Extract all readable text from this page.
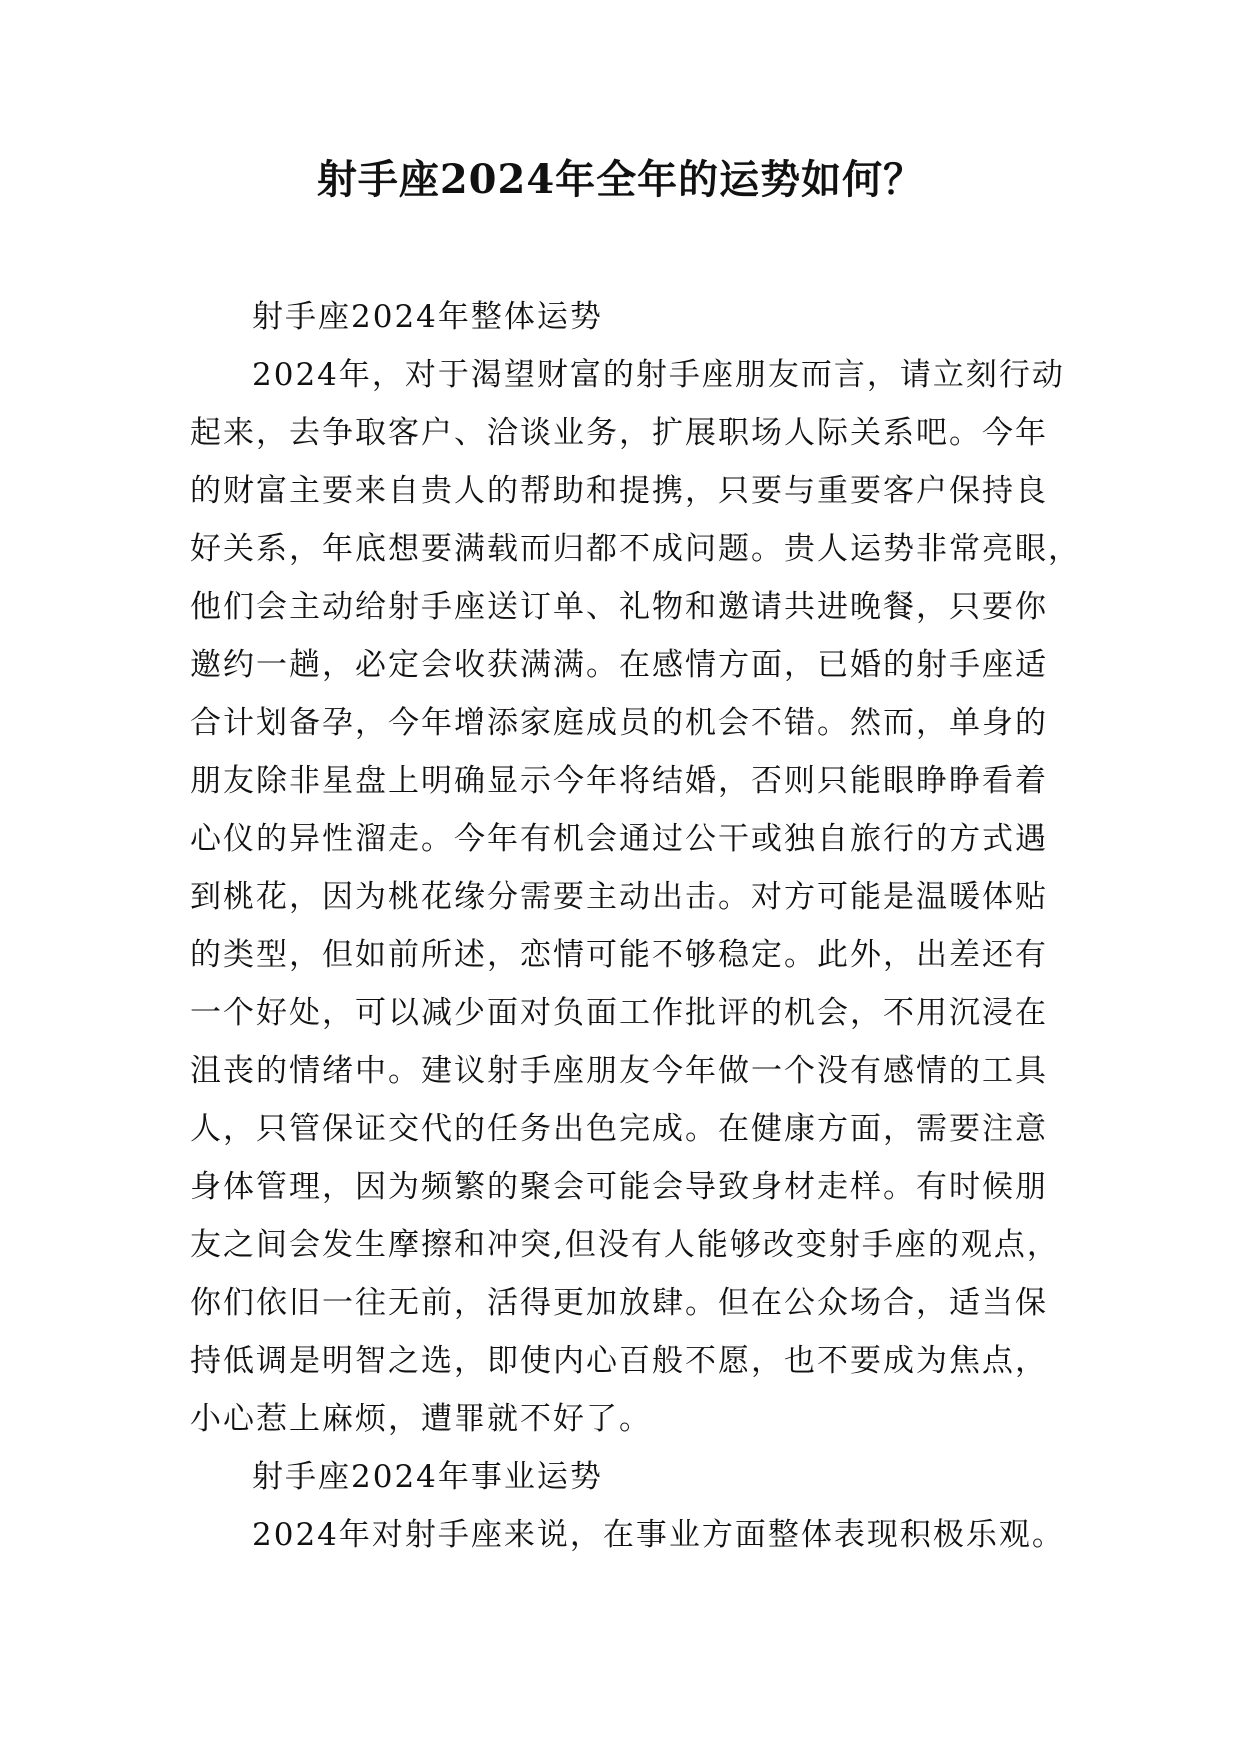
射手座2024年全年的运势如何？
射手座2024年整体运势
2024年，对于渴望财富的射手座朋友而言，请立刻行动
起来，去争取客户、洽谈业务，扩展职场人际关系吧。今年
的财富主要来自贵人的帮助和提携，只要与重要客户保持良
好关系，年底想要满载而归都不成问题。贵人运势非常亮眼，
他们会主动给射手座送订单、礼物和邀请共进晚餐，只要你
邀约一趟，必定会收获满满。在感情方面，已婚的射手座适
合计划备孕，今年增添家庭成员的机会不错。然而，单身的
朋友除非星盘上明确显示今年将结婚，否则只能眼睁睁看着
心仪的异性溜走。今年有机会通过公干或独自旅行的方式遇
到桃花，因为桃花缘分需要主动出击。对方可能是温暖体贴
的类型，但如前所述，恋情可能不够稳定。此外，出差还有
一个好处，可以减少面对负面工作批评的机会，不用沉浸在
沮丧的情绪中。建议射手座朋友今年做一个没有感情的工具
人，只管保证交代的任务出色完成。在健康方面，需要注意
身体管理，因为频繁的聚会可能会导致身材走样。有时候朋
友之间会发生摩擦和冲突,但没有人能够改变射手座的观点，
你们依旧一往无前，活得更加放肆。但在公众场合，适当保
持低调是明智之选，即使内心百般不愿，也不要成为焦点，
小心惹上麻烦，遭罪就不好了。
射手座2024年事业运势
2024年对射手座来说，在事业方面整体表现积极乐观。
